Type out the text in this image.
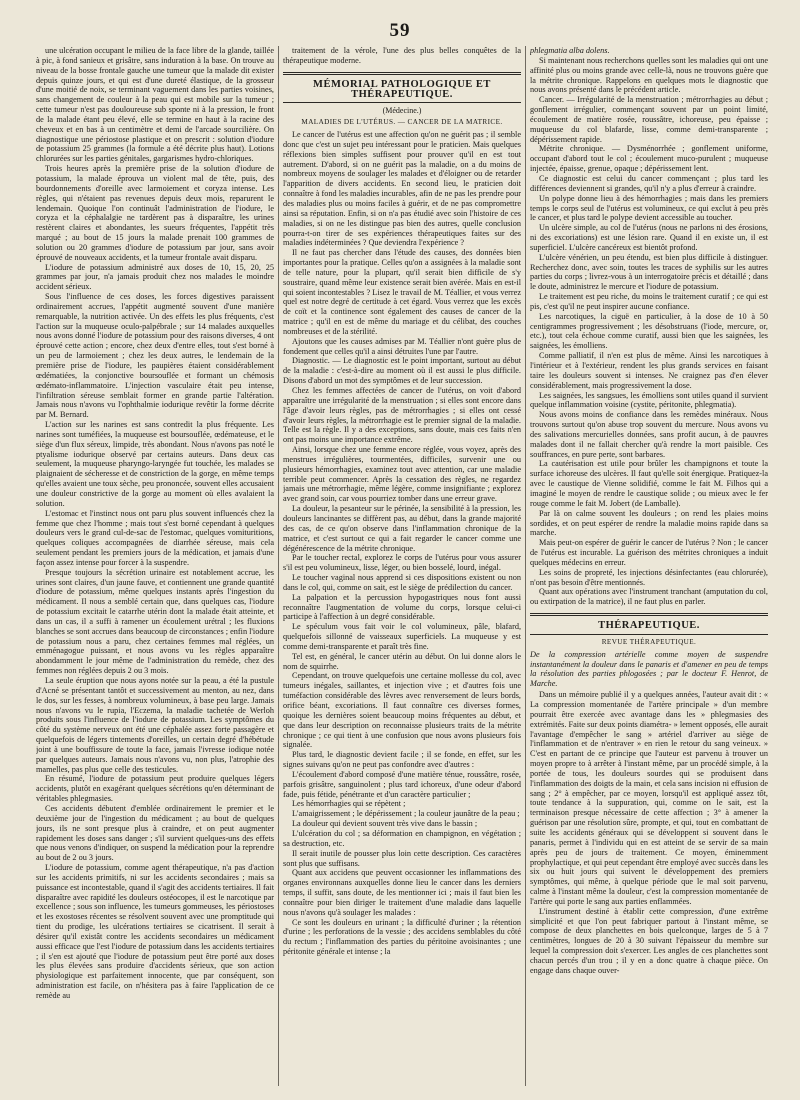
59

une ulcération occupant le milieu de la face libre de la glande, taillée à pic, à fond sanieux et grisâtre, sans induration à la base. On trouve au niveau de la bosse frontale gauche une tumeur que la malade dit exister depuis quinze jours, et qui est d'une dureté élastique, de la grosseur d'une moitié de noix, se terminant vaguement dans les parties voisines, sans changement de couleur à la peau qui est mobile sur la tumeur ; cette tumeur n'est pas douloureuse sub sponte ni à la pression, le front de la malade étant peu élevé, elle se termine en haut à la racine des cheveux et en bas à un centimètre et demi de l'arcade sourcilière. On diagnostique une périostose plastique et on prescrit : solution d'iodure de potassium 25 grammes (la formule a été décrite plus haut). Lotions chlorurées sur les parties génitales, gargarismes hydro-chloriques.

Trois heures après la première prise de la solution d'iodure de potassium, la malade éprouva un violent mal de tête, puis, des bourdonnements d'oreille avec larmoiement et coryza intense. Les règles, qui n'étaient pas revenues depuis deux mois, reparurent le lendemain. Quoique l'on continuât l'administration de l'iodure, le coryza et la céphalalgie ne tardèrent pas à disparaître, les urines restèrent claires et abondantes, les sueurs fréquentes, l'appétit très marqué ; au bout de 15 jours la malade prenait 100 grammes de solution ou 20 grammes d'iodure de potassium par jour, sans avoir éprouvé de nouveaux accidents, et la tumeur frontale avait disparu.

L'iodure de potassium administré aux doses de 10, 15, 20, 25 grammes par jour, n'a jamais produit chez nos malades le moindre accident sérieux.

Sous l'influence de ces doses, les forces digestives paraissent ordinairement accrues, l'appétit augmenté souvent d'une manière remarquable, la nutrition activée. Un des effets les plus fréquents, c'est l'action sur la muqueuse oculo-palpébrale ; sur 14 malades auxquelles nous avons donné l'iodure de potassium pour des raisons diverses, 4 ont éprouvé cette action ; encore, chez deux d'entre elles, tout s'est borné à un peu de larmoiement ; chez les deux autres, le lendemain de la première prise de l'iodure, les paupières étaient considérablement œdématiées, la conjonctive boursouflée et formant un chémosis œdémato-inflammatoire. L'injection vasculaire était peu intense, l'infiltration séreuse semblait former en grande partie l'altération. Jamais nous n'avons vu l'ophthalmie iodurique revêtir la forme décrite par M. Bernard.

L'action sur les narines est sans contredit la plus fréquente. Les narines sont tuméfiées, la muqueuse est boursouflée, œdémateuse, et le siège d'un flux séreux, limpide, très abondant. Nous n'avons pas noté le ptyalisme iodurique observé par certains auteurs. Dans deux cas seulement, la muqueuse pharyngo-laryngée fut touchée, les malades se plaignaient de sécheresse et de constriction de la gorge, en même temps qu'elles avaient une toux sèche, peu prononcée, souvent elles accusaient une douleur constrictive de la gorge au moment où elles avalaient la solution.

L'estomac et l'instinct nous ont paru plus souvent influencés chez la femme que chez l'homme ; mais tout s'est borné cependant à quelques douleurs vers le grand cul-de-sac de l'estomac, quelques vomituritions, quelques coliques accompagnées de diarrhée séreuse, mais cela seulement pendant les premiers jours de la médication, et jamais d'une façon assez intense pour forcer à la suspendre.

Presque toujours la sécrétion urinaire est notablement accrue, les urines sont claires, d'un jaune fauve, et contiennent une grande quantité d'iodure de potassium, même quelques instants après l'ingestion du médicament. Il nous a semblé certain que, dans quelques cas, l'iodure de potassium excitait le catarrhe utérin dont la malade était atteinte, et dans un cas, il a suffi à ramener un écoulement urétral ; les fluxions blanches se sont accrues dans beaucoup de circonstances ; enfin l'iodure de potassium nous a paru, chez certaines femmes mal réglées, un emménagogue puissant, et nous avons vu les règles apparaître abondamment le jour même de l'administration du remède, chez des femmes non réglées depuis 2 ou 3 mois.

La seule éruption que nous ayons notée sur la peau, a été la pustule d'Acné se présentant tantôt et successivement au menton, au nez, dans le dos, sur les fesses, à nombreux volumineux, à base peu large. Jamais nous n'avons vu le rupia, l'Eczema, la maladie tachetée de Werloh produits sous l'influence de l'iodure de potassium. Les symptômes du côté du système nerveux ont été une céphalée assez forte passagère et quelquefois de légers tintements d'oreilles, un certain degré d'hébétude joint à une bouffissure de toute la face, jamais l'ivresse iodique notée par quelques auteurs. Jamais nous n'avons vu, non plus, l'atrophie des mamelles, pas plus que celle des testicules.

En résumé, l'iodure de potassium peut produire quelques légers accidents, plutôt en exagérant quelques sécrétions qu'en déterminant de véritables phlegmasies.

Ces accidents débutent d'emblée ordinairement le premier et le deuxième jour de l'ingestion du médicament ; au bout de quelques jours, ils ne sont presque plus à craindre, et on peut augmenter rapidement les doses sans danger ; s'il survient quelques-uns des effets que nous venons d'indiquer, on suspend la médication pour la reprendre au bout de 2 ou 3 jours.

L'iodure de potassium, comme agent thérapeutique, n'a pas d'action sur les accidents primitifs, ni sur les accidents secondaires ; mais sa puissance est incontestable, quand il s'agit des accidents tertiaires. Il fait disparaître avec rapidité les douleurs ostéocopes, il est le narcotique par excellence ; sous son influence, les tumeurs gommeuses, les périostoses et les exostoses récentes se résolvent souvent avec une promptitude qui tient du prodige, les ulcérations tertiaires se cicatrisent. Il serait à désirer qu'il existât contre les accidents secondaires un médicament aussi efficace que l'est l'iodure de potassium dans les accidents tertiaires ; il s'en est ajouté que l'iodure de potassium peut être porté aux doses les plus élevées sans produire d'accidents sérieux, que son action physiologique est parfaitement innocente, que par conséquent, son administration est facile, on n'hésitera pas à faire l'application de ce remède au

traitement de la vérole, l'une des plus belles conquêtes de la thérapeutique moderne.

MÉMORIAL PATHOLOGIQUE ET THÉRAPEUTIQUE.
(Médecine.)
MALADIES DE L'UTÉRUS. — CANCER DE LA MATRICE.

Le cancer de l'utérus est une affection qu'on ne guérit pas ; il semble donc que c'est un sujet peu intéressant pour le praticien. Mais quelques réflexions bien simples suffisent pour prouver qu'il en est tout autrement. D'abord, si on ne guérit pas la maladie, on a du moins de nombreux moyens de soulager les malades et d'éloigner ou de retarder l'apparition de divers accidents. En second lieu, le praticien doit connaître à fond les maladies incurables, afin de ne pas les prendre pour des maladies plus ou moins faciles à guérir, et de ne pas compromettre ainsi sa réputation. Enfin, si on n'a pas étudié avec soin l'histoire de ces maladies, si on ne les distingue pas bien des autres, quelle conclusion pourra-t-on tirer de ses expériences thérapeutiques faites sur des maladies indéterminées ? Que deviendra l'expérience ?

Il ne faut pas chercher dans l'étude des causes, des données bien importantes pour la pratique. Celles qu'on a assignées à la maladie sont de telle nature, pour la plupart, qu'il serait bien difficile de s'y soustraire, quand même leur existence serait bien avérée. Mais en est-il qui soient incontestables ? Lisez le travail de M. Téallier, et vous verrez quel est notre degré de certitude à cet égard. Vous verrez que les excès de coït et la continence sont également des causes de cancer de la matrice ; qu'il en est de même du mariage et du célibat, des couches nombreuses et de la stérilité.

Ajoutons que les causes admises par M. Téallier n'ont guère plus de fondement que celles qu'il a ainsi détruites l'une par l'autre.

Diagnostic. — Le diagnostic est le point important, surtout au début de la maladie : c'est-à-dire au moment où il est aussi le plus difficile. Disons d'abord un mot des symptômes et de leur succession.

Chez les femmes affectées de cancer de l'utérus, on voit d'abord apparaître une irrégularité de la menstruation ; si elles sont encore dans l'âge d'avoir leurs règles, pas de métrorrhagies ; si elles ont cessé d'avoir leurs règles, la métrorrhagie est le premier signal de la maladie. Telle est la règle. Il y a des exceptions, sans doute, mais ces faits n'en ont pas moins une importance extrême.

Ainsi, lorsque chez une femme encore réglée, vous voyez, après des menstrues irrégulières, tourmentées, difficiles, survenir une ou plusieurs hémorrhagies, examinez tout avec attention, car une maladie terrible peut commencer. Après la cessation des règles, ne regardez jamais une métrorrhagie, même légère, comme insignifiante ; explorez avec grand soin, car vous pourriez tomber dans une erreur grave.

La douleur, la pesanteur sur le périnée, la sensibilité à la pression, les douleurs lancinantes se diffèrent pas, au début, dans la grande majorité des cas, de ce qu'on observe dans l'inflammation chronique de la matrice, et c'est surtout ce qui a fait regarder le cancer comme une dégénérescence de la métrite chronique.

Par le toucher rectal, explorez le corps de l'utérus pour vous assurer s'il est peu volumineux, lisse, léger, ou bien bosselé, lourd, inégal.

Le toucher vaginal nous apprend si ces dispositions existent ou non dans le col, qui, comme on sait, est le siège de prédilection du cancer.

La palpation et la percussion hypogastriques nous font aussi reconnaître l'augmentation de volume du corps, lorsque celui-ci participe à l'affection à un degré considérable.

Le spéculum vous fait voir le col volumineux, pâle, blafard, quelquefois sillonné de vaisseaux superficiels. La muqueuse y est comme demi-transparente et paraît très fine.

Tel est, en général, le cancer utérin au début. On lui donne alors le nom de squirrhe.

Cependant, on trouve quelquefois une certaine mollesse du col, avec tumeurs inégales, saillantes, et injection vive ; et d'autres fois une tuméfaction considérable des lèvres avec renversement de leurs bords, orifice béant, excoriations. Il faut connaître ces diverses formes, quoique les dernières soient beaucoup moins fréquentes au début, et que dans leur description on reconnaisse plusieurs traits de la métrite chronique ; ce qui tient à une confusion que nous avons plusieurs fois signalée.

Plus tard, le diagnostic devient facile ; il se fonde, en effet, sur les signes suivans qu'on ne peut pas confondre avec d'autres :

L'écoulement d'abord composé d'une matière ténue, roussâtre, rosée, parfois grisâtre, sanguinolent ; plus tard ichoreux, d'une odeur d'abord fade, puis fétide, pénétrante et d'un caractère particulier ;

Les hémorrhagies qui se répètent ;

L'amaigrissement ; le dépérissement ; la couleur jaunâtre de la peau ;

La douleur qui devient souvent très vive dans le bassin ;

L'ulcération du col ; sa déformation en champignon, en végétation ; sa destruction, etc.

Il serait inutile de pousser plus loin cette description. Ces caractères sont plus que suffisans.

Quant aux accidens que peuvent occasionner les inflammations des organes environnans auxquelles donne lieu le cancer dans les derniers temps, il suffit, sans doute, de les mentionner ici ; mais il faut bien les connaître pour bien diriger le traitement d'une maladie dans laquelle nous n'avons qu'à soulager les malades :

Ce sont les douleurs en urinant ; la difficulté d'uriner ; la rétention d'urine ; les perforations de la vessie ; des accidens semblables du côté du rectum ; l'inflammation des parties du péritoine avoisinantes ; une péritonite générale et intense ; la

phlegmatia alba dolens.

Si maintenant nous recherchons quelles sont les maladies qui ont une affinité plus ou moins grande avec celle-là, nous ne trouvons guère que la métrite chronique. Rappelons en quelques mots le diagnostic que nous avons présenté dans le précédent article.

Cancer. — Irrégularité de la menstruation ; métrorrhagies au début ; gonflement irrégulier, commençant souvent par un point limité, écoulement de matière rosée, roussâtre, ichoreuse, peu épaisse ; muqueuse du col blafarde, lisse, comme demi-transparente ; dépérissement rapide.

Métrite chronique. — Dysménorrhée ; gonflement uniforme, occupant d'abord tout le col ; écoulement muco-purulent ; muqueuse injectée, épaisse, grenue, opaque ; dépérissement lent.

Ce diagnostic est celui du cancer commençant ; plus tard les différences deviennent si grandes, qu'il n'y a plus d'erreur à craindre.

Un polype donne lieu à des hémorrhagies ; mais dans les premiers temps le corps seul de l'utérus est volumineux, ce qui exclut à peu près le cancer, et plus tard le polype devient accessible au toucher.

Un ulcère simple, au col de l'utérus (nous ne parlons ni des érosions, ni des excoriations) est une lésion rare. Quand il en existe un, il est superficiel. L'ulcère cancéreux est bientôt profond.

L'ulcère vénérien, un peu étendu, est bien plus difficile à distinguer. Recherchez donc, avec soin, toutes les traces de syphilis sur les autres parties du corps ; livrez-vous à un interrogatoire précis et détaillé ; dans le doute, administrez le mercure et l'iodure de potassium.

Le traitement est peu riche, du moins le traitement curatif ; ce qui est pis, c'est qu'il ne peut inspirer aucune confiance.

Les narcotiques, la ciguë en particulier, à la dose de 10 à 50 centigrammes progressivement ; les désobstruans (l'iode, mercure, or, etc.), tout cela échoue comme curatif, aussi bien que les saignées, les saignées, les émolliens.

Comme palliatif, il n'en est plus de même. Ainsi les narcotiques à l'intérieur et à l'extérieur, rendent les plus grands services en faisant taire les douleurs souvent si intenses. Ne craignez pas d'en élever considérablement, mais progressivement la dose.

Les saignées, les sangsues, les émolliens sont utiles quand il survient quelque inflammation voisine (cystite, péritonite, phlegmatia).

Nous avons moins de confiance dans les remèdes minéraux. Nous trouvons surtout qu'on abuse trop souvent du mercure. Nous avons vu des salivations mercurielles données, sans profit aucun, à de pauvres malades dont il ne fallait chercher qu'à rendre la mort paisible. Ces souffrances, en pure perte, sont barbares.

La cautérisation est utile pour brûler les champignons et toute la surface ichoreuse des ulcères. Il faut qu'elle soit énergique. Pratiquez-la avec le caustique de Vienne solidifié, comme le fait M. Filhos qui a imaginé le moyen de rendre le caustique solide ; ou mieux avec le fer rouge comme le fait M. Jobert (de Lamballe).

Par là on calme souvent les douleurs ; on rend les plaies moins sordides, et on peut espérer de rendre la maladie moins rapide dans sa marche.

Mais peut-on espérer de guérir le cancer de l'utérus ? Non ; le cancer de l'utérus est incurable. La guérison des métrites chroniques a induit quelques médecins en erreur.

Les soins de propreté, les injections désinfectantes (eau chlorurée), n'ont pas besoin d'être mentionnés.

Quant aux opérations avec l'instrument tranchant (amputation du col, ou extirpation de la matrice), il ne faut plus en parler.

THÉRAPEUTIQUE.
REVUE THÉRAPEUTIQUE.

De la compression artérielle comme moyen de suspendre instantanément la douleur dans le panaris et d'amener en peu de temps la résolution des parties phlogosées ; par le docteur F. Henrot, de Marche.

Dans un mémoire publié il y a quelques années, l'auteur avait dit : « La compression momentanée de l'artère principale » d'un membre pourrait être exercée avec avantage dans les » phlegmasies des extrémités. Faite sur deux points diamétra- » lement opposés, elle aurait l'avantage d'empêcher le sang » artériel d'arriver au siège de l'inflammation et de n'entraver » en rien le retour du sang veineux. » C'est en partant de ce principe que l'auteur est parvenu à trouver un moyen propre to à arrêter à l'instant même, par un procédé simple, à la portée de tous, les douleurs sourdes qui se produisent dans l'inflammation des doigts de la main, et cela sans incision ni effusion de sang ; 2° à empêcher, par ce moyen, lorsqu'il est appliqué assez tôt, toute tendance à la suppuration, qui, comme on le sait, est la terminaison presque nécessaire de cette affection ; 3° à amener la guérison par une résolution sûre, prompte, et qui, tout en combattant de suite les accidents généraux qui se développent si souvent dans le panaris, permet à l'individu qui en est atteint de se servir de sa main après peu de jours de traitement. Ce moyen, éminemment prophylactique, et qui peut cependant être employé avec succès dans les six ou huit jours qui suivent le développement des premiers symptômes, qui même, à quelque période que le mal soit parvenu, calme à l'instant même la douleur, c'est la compression momentanée de l'artère qui porte le sang aux parties enflammées.

L'instrument destiné à établir cette compression, d'une extrême simplicité et que l'on peut fabriquer partout à l'instant même, se compose de deux planchettes en bois quelconque, larges de 5 à 7 centimètres, longues de 20 à 30 suivant l'épaisseur du membre sur lequel la compression doit s'exercer. Les angles de ces planchettes sont chacun percés d'un trou ; il y en a donc quatre à chaque pièce. On engage dans chaque ouver-
